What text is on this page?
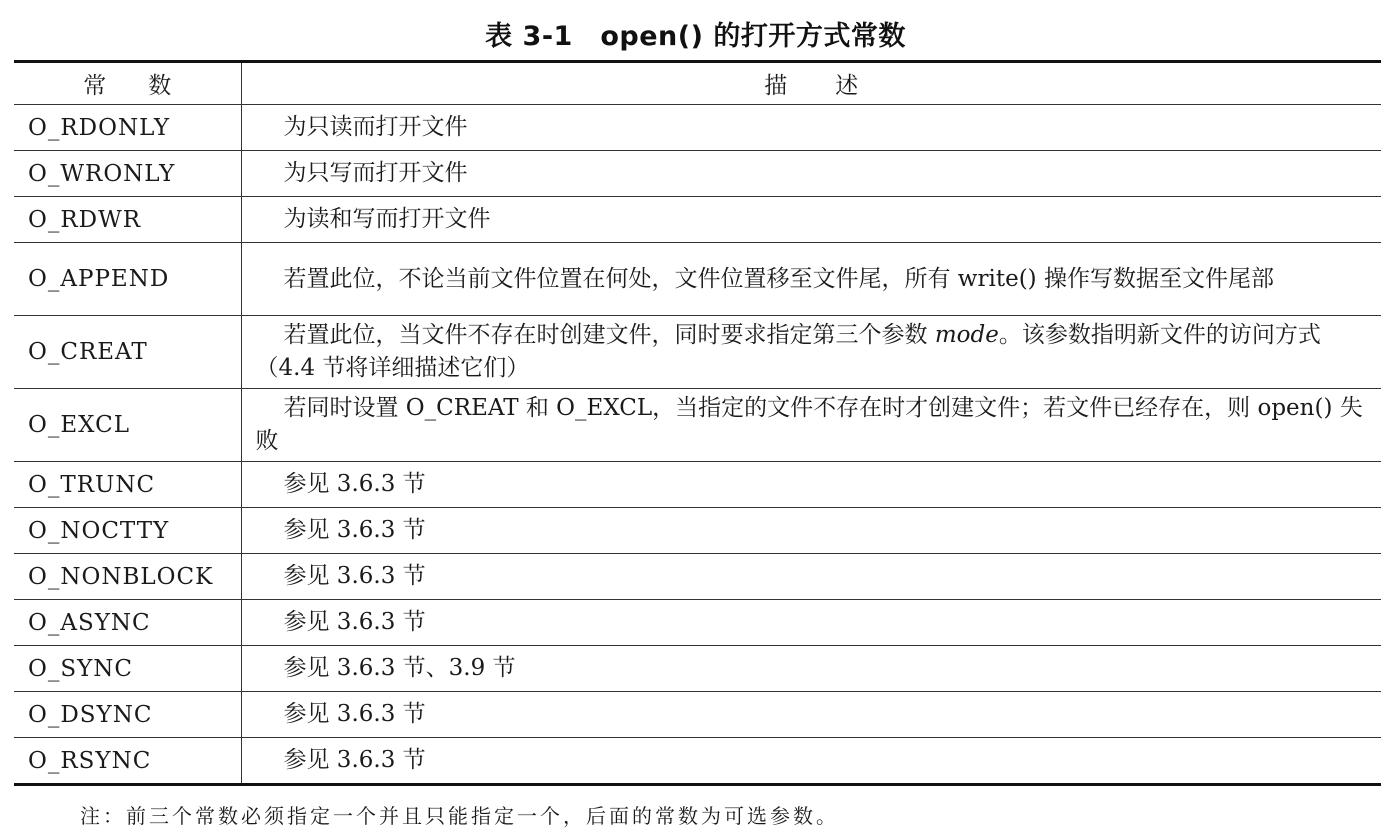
表 3-1　open() 的打开方式常数
常数	描述
O_RDONLY	为只读而打开文件
O_WRONLY	为只写而打开文件
O_RDWR	为读和写而打开文件
O_APPEND	若置此位，不论当前文件位置在何处，文件位置移至文件尾，所有 write() 操作写数据至文件尾部
O_CREAT	若置此位，当文件不存在时创建文件，同时要求指定第三个参数 mode。该参数指明新文件的访问方式（4.4 节将详细描述它们）
O_EXCL	若同时设置 O_CREAT 和 O_EXCL，当指定的文件不存在时才创建文件；若文件已经存在，则 open() 失败
O_TRUNC	参见 3.6.3 节
O_NOCTTY	参见 3.6.3 节
O_NONBLOCK	参见 3.6.3 节
O_ASYNC	参见 3.6.3 节
O_SYNC	参见 3.6.3 节、3.9 节
O_DSYNC	参见 3.6.3 节
O_RSYNC	参见 3.6.3 节
注：前三个常数必须指定一个并且只能指定一个，后面的常数为可选参数。
